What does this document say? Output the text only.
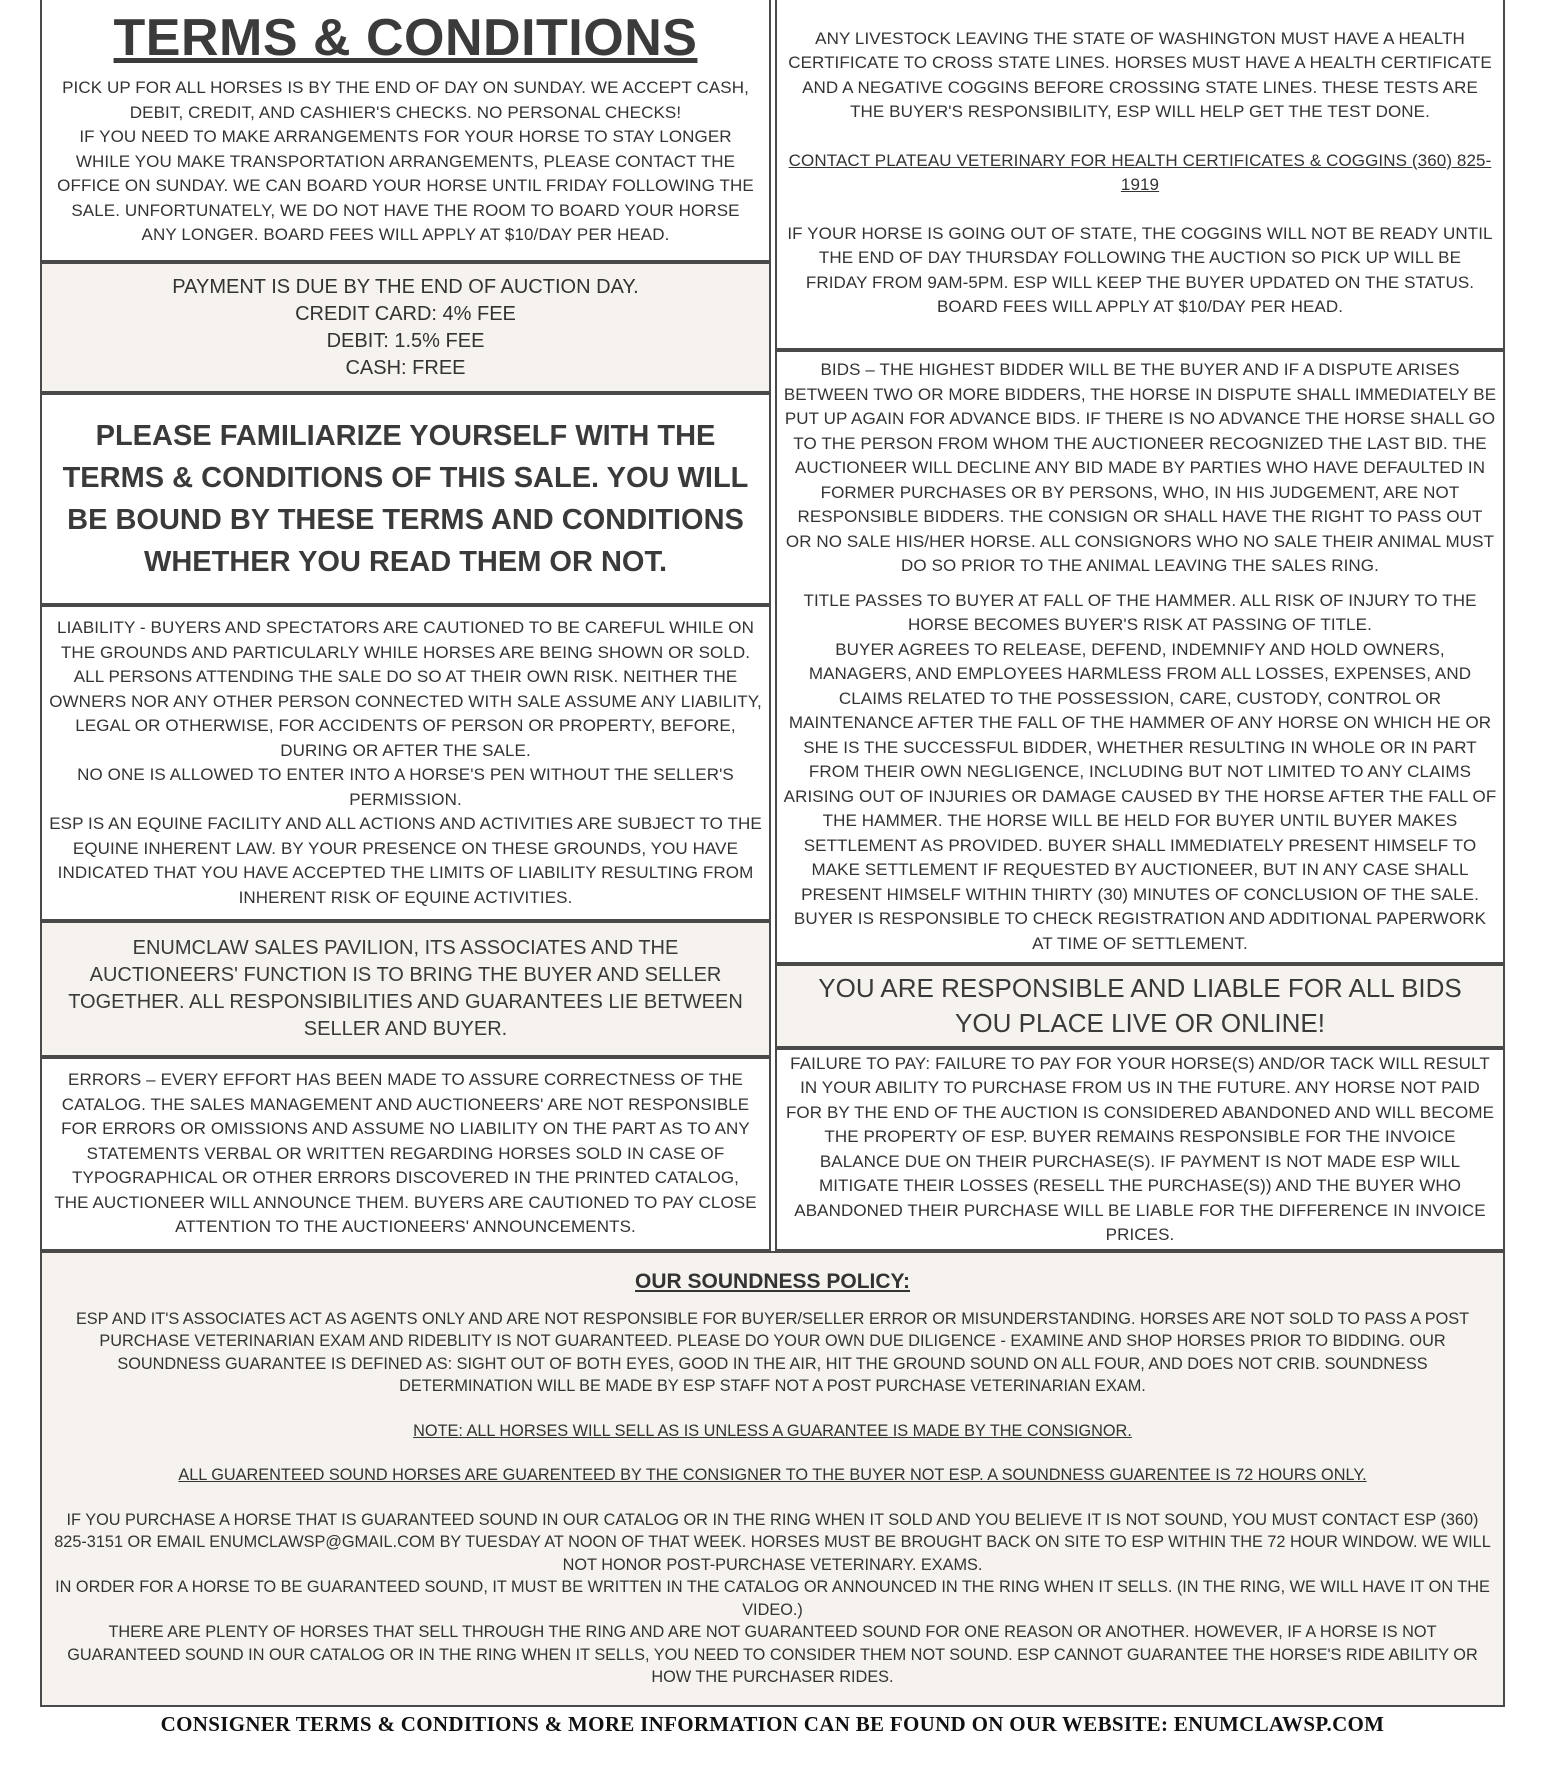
TERMS & CONDITIONS

PICK UP FOR ALL HORSES IS BY THE END OF DAY ON SUNDAY. WE ACCEPT CASH, DEBIT, CREDIT, AND CASHIER'S CHECKS. NO PERSONAL CHECKS!

IF YOU NEED TO MAKE ARRANGEMENTS FOR YOUR HORSE TO STAY LONGER WHILE YOU MAKE TRANSPORTATION ARRANGEMENTS, PLEASE CONTACT THE OFFICE ON SUNDAY. WE CAN BOARD YOUR HORSE UNTIL FRIDAY FOLLOWING THE SALE. UNFORTUNATELY, WE DO NOT HAVE THE ROOM TO BOARD YOUR HORSE ANY LONGER. BOARD FEES WILL APPLY AT $10/DAY PER HEAD.

PAYMENT IS DUE BY THE END OF AUCTION DAY.

CREDIT CARD: 4% FEE

DEBIT: 1.5% FEE

CASH: FREE

PLEASE FAMILIARIZE YOURSELF WITH THE TERMS & CONDITIONS OF THIS SALE. YOU WILL BE BOUND BY THESE TERMS AND CONDITIONS WHETHER YOU READ THEM OR NOT.

LIABILITY - BUYERS AND SPECTATORS ARE CAUTIONED TO BE CAREFUL WHILE ON THE GROUNDS AND PARTICULARLY WHILE HORSES ARE BEING SHOWN OR SOLD. ALL PERSONS ATTENDING THE SALE DO SO AT THEIR OWN RISK. NEITHER THE OWNERS NOR ANY OTHER PERSON CONNECTED WITH SALE ASSUME ANY LIABILITY, LEGAL OR OTHERWISE, FOR ACCIDENTS OF PERSON OR PROPERTY, BEFORE, DURING OR AFTER THE SALE.

NO ONE IS ALLOWED TO ENTER INTO A HORSE'S PEN WITHOUT THE SELLER'S PERMISSION.

ESP IS AN EQUINE FACILITY AND ALL ACTIONS AND ACTIVITIES ARE SUBJECT TO THE EQUINE INHERENT LAW. BY YOUR PRESENCE ON THESE GROUNDS, YOU HAVE INDICATED THAT YOU HAVE ACCEPTED THE LIMITS OF LIABILITY RESULTING FROM INHERENT RISK OF EQUINE ACTIVITIES.

ENUMCLAW SALES PAVILION, ITS ASSOCIATES AND THE AUCTIONEERS' FUNCTION IS TO BRING THE BUYER AND SELLER TOGETHER. ALL RESPONSIBILITIES AND GUARANTEES LIE BETWEEN SELLER AND BUYER.

ERRORS – EVERY EFFORT HAS BEEN MADE TO ASSURE CORRECTNESS OF THE CATALOG. THE SALES MANAGEMENT AND AUCTIONEERS' ARE NOT RESPONSIBLE FOR ERRORS OR OMISSIONS AND ASSUME NO LIABILITY ON THE PART AS TO ANY STATEMENTS VERBAL OR WRITTEN REGARDING HORSES SOLD IN CASE OF TYPOGRAPHICAL OR OTHER ERRORS DISCOVERED IN THE PRINTED CATALOG, THE AUCTIONEER WILL ANNOUNCE THEM. BUYERS ARE CAUTIONED TO PAY CLOSE ATTENTION TO THE AUCTIONEERS' ANNOUNCEMENTS.

ANY LIVESTOCK LEAVING THE STATE OF WASHINGTON MUST HAVE A HEALTH CERTIFICATE TO CROSS STATE LINES. HORSES MUST HAVE A HEALTH CERTIFICATE AND A NEGATIVE COGGINS BEFORE CROSSING STATE LINES. THESE TESTS ARE THE BUYER'S RESPONSIBILITY, ESP WILL HELP GET THE TEST DONE.

CONTACT PLATEAU VETERINARY FOR HEALTH CERTIFICATES & COGGINS (360) 825-1919

IF YOUR HORSE IS GOING OUT OF STATE, THE COGGINS WILL NOT BE READY UNTIL THE END OF DAY THURSDAY FOLLOWING THE AUCTION SO PICK UP WILL BE FRIDAY FROM 9AM-5PM. ESP WILL KEEP THE BUYER UPDATED ON THE STATUS. BOARD FEES WILL APPLY AT $10/DAY PER HEAD.

BIDS – THE HIGHEST BIDDER WILL BE THE BUYER AND IF A DISPUTE ARISES BETWEEN TWO OR MORE BIDDERS, THE HORSE IN DISPUTE SHALL IMMEDIATELY BE PUT UP AGAIN FOR ADVANCE BIDS. IF THERE IS NO ADVANCE THE HORSE SHALL GO TO THE PERSON FROM WHOM THE AUCTIONEER RECOGNIZED THE LAST BID. THE AUCTIONEER WILL DECLINE ANY BID MADE BY PARTIES WHO HAVE DEFAULTED IN FORMER PURCHASES OR BY PERSONS, WHO, IN HIS JUDGEMENT, ARE NOT RESPONSIBLE BIDDERS. THE CONSIGN OR SHALL HAVE THE RIGHT TO PASS OUT OR NO SALE HIS/HER HORSE. ALL CONSIGNORS WHO NO SALE THEIR ANIMAL MUST DO SO PRIOR TO THE ANIMAL LEAVING THE SALES RING.

TITLE PASSES TO BUYER AT FALL OF THE HAMMER. ALL RISK OF INJURY TO THE HORSE BECOMES BUYER'S RISK AT PASSING OF TITLE.

BUYER AGREES TO RELEASE, DEFEND, INDEMNIFY AND HOLD OWNERS, MANAGERS, AND EMPLOYEES HARMLESS FROM ALL LOSSES, EXPENSES, AND CLAIMS RELATED TO THE POSSESSION, CARE, CUSTODY, CONTROL OR MAINTENANCE AFTER THE FALL OF THE HAMMER OF ANY HORSE ON WHICH HE OR SHE IS THE SUCCESSFUL BIDDER, WHETHER RESULTING IN WHOLE OR IN PART FROM THEIR OWN NEGLIGENCE, INCLUDING BUT NOT LIMITED TO ANY CLAIMS ARISING OUT OF INJURIES OR DAMAGE CAUSED BY THE HORSE AFTER THE FALL OF THE HAMMER. THE HORSE WILL BE HELD FOR BUYER UNTIL BUYER MAKES SETTLEMENT AS PROVIDED. BUYER SHALL IMMEDIATELY PRESENT HIMSELF TO MAKE SETTLEMENT IF REQUESTED BY AUCTIONEER, BUT IN ANY CASE SHALL PRESENT HIMSELF WITHIN THIRTY (30) MINUTES OF CONCLUSION OF THE SALE. BUYER IS RESPONSIBLE TO CHECK REGISTRATION AND ADDITIONAL PAPERWORK AT TIME OF SETTLEMENT.

YOU ARE RESPONSIBLE AND LIABLE FOR ALL BIDS YOU PLACE LIVE OR ONLINE!

FAILURE TO PAY: FAILURE TO PAY FOR YOUR HORSE(S) AND/OR TACK WILL RESULT IN YOUR ABILITY TO PURCHASE FROM US IN THE FUTURE. ANY HORSE NOT PAID FOR BY THE END OF THE AUCTION IS CONSIDERED ABANDONED AND WILL BECOME THE PROPERTY OF ESP. BUYER REMAINS RESPONSIBLE FOR THE INVOICE BALANCE DUE ON THEIR PURCHASE(S). IF PAYMENT IS NOT MADE ESP WILL MITIGATE THEIR LOSSES (RESELL THE PURCHASE(S)) AND THE BUYER WHO ABANDONED THEIR PURCHASE WILL BE LIABLE FOR THE DIFFERENCE IN INVOICE PRICES.

OUR SOUNDNESS POLICY:

ESP AND IT'S ASSOCIATES ACT AS AGENTS ONLY AND ARE NOT RESPONSIBLE FOR BUYER/SELLER ERROR OR MISUNDERSTANDING. HORSES ARE NOT SOLD TO PASS A POST PURCHASE VETERINARIAN EXAM AND RIDEBLITY IS NOT GUARANTEED. PLEASE DO YOUR OWN DUE DILIGENCE - EXAMINE AND SHOP HORSES PRIOR TO BIDDING. OUR SOUNDNESS GUARANTEE IS DEFINED AS: SIGHT OUT OF BOTH EYES, GOOD IN THE AIR, HIT THE GROUND SOUND ON ALL FOUR, AND DOES NOT CRIB. SOUNDNESS DETERMINATION WILL BE MADE BY ESP STAFF NOT A POST PURCHASE VETERINARIAN EXAM.

NOTE: ALL HORSES WILL SELL AS IS UNLESS A GUARANTEE IS MADE BY THE CONSIGNOR.

ALL GUARENTEED SOUND HORSES ARE GUARENTEED BY THE CONSIGNER TO THE BUYER NOT ESP. A SOUNDNESS GUARENTEE IS 72 HOURS ONLY.

IF YOU PURCHASE A HORSE THAT IS GUARANTEED SOUND IN OUR CATALOG OR IN THE RING WHEN IT SOLD AND YOU BELIEVE IT IS NOT SOUND, YOU MUST CONTACT ESP (360) 825-3151 OR EMAIL ENUMCLAWSP@GMAIL.COM BY TUESDAY AT NOON OF THAT WEEK. HORSES MUST BE BROUGHT BACK ON SITE TO ESP WITHIN THE 72 HOUR WINDOW. WE WILL NOT HONOR POST-PURCHASE VETERINARY. EXAMS.

IN ORDER FOR A HORSE TO BE GUARANTEED SOUND, IT MUST BE WRITTEN IN THE CATALOG OR ANNOUNCED IN THE RING WHEN IT SELLS. (IN THE RING, WE WILL HAVE IT ON THE VIDEO.)

THERE ARE PLENTY OF HORSES THAT SELL THROUGH THE RING AND ARE NOT GUARANTEED SOUND FOR ONE REASON OR ANOTHER. HOWEVER, IF A HORSE IS NOT GUARANTEED SOUND IN OUR CATALOG OR IN THE RING WHEN IT SELLS, YOU NEED TO CONSIDER THEM NOT SOUND. ESP CANNOT GUARANTEE THE HORSE'S RIDE ABILITY OR HOW THE PURCHASER RIDES.

CONSIGNER TERMS & CONDITIONS & MORE INFORMATION CAN BE FOUND ON OUR WEBSITE: ENUMCLAWSP.COM
